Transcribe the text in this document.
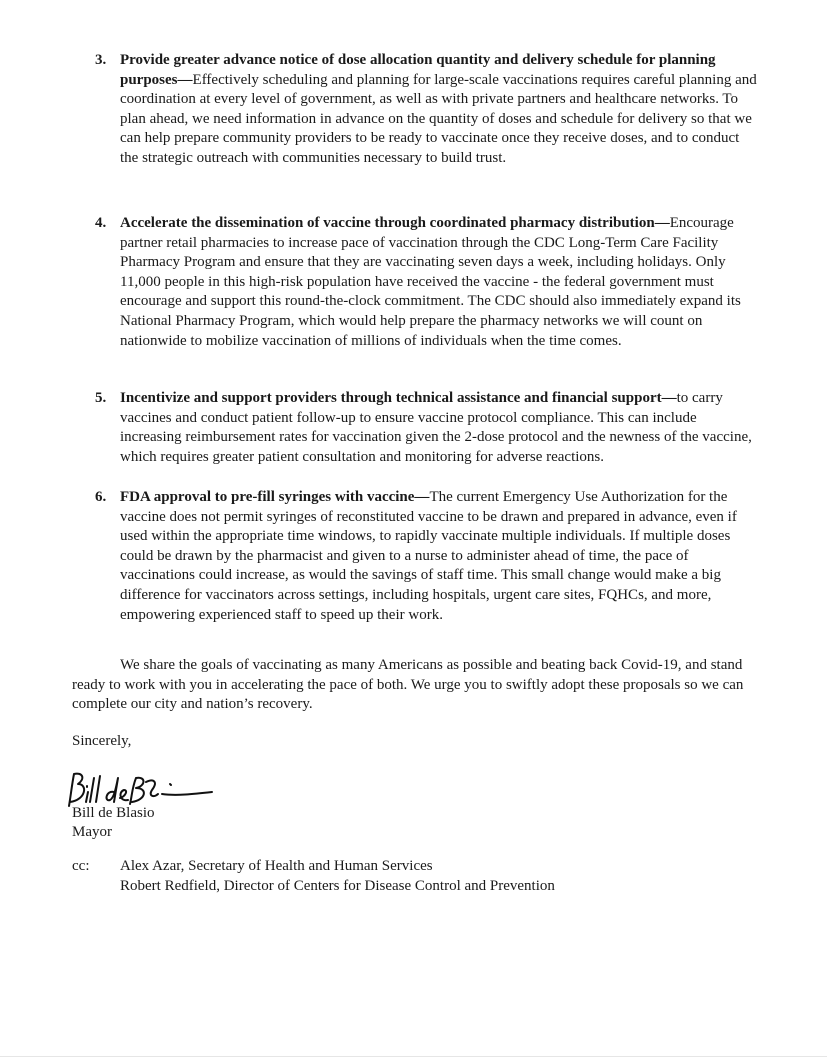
3. Provide greater advance notice of dose allocation quantity and delivery schedule for planning purposes—Effectively scheduling and planning for large-scale vaccinations requires careful planning and coordination at every level of government, as well as with private partners and healthcare networks. To plan ahead, we need information in advance on the quantity of doses and schedule for delivery so that we can help prepare community providers to be ready to vaccinate once they receive doses, and to conduct the strategic outreach with communities necessary to build trust.
4. Accelerate the dissemination of vaccine through coordinated pharmacy distribution—Encourage partner retail pharmacies to increase pace of vaccination through the CDC Long-Term Care Facility Pharmacy Program and ensure that they are vaccinating seven days a week, including holidays. Only 11,000 people in this high-risk population have received the vaccine - the federal government must encourage and support this round-the-clock commitment. The CDC should also immediately expand its National Pharmacy Program, which would help prepare the pharmacy networks we will count on nationwide to mobilize vaccination of millions of individuals when the time comes.
5. Incentivize and support providers through technical assistance and financial support—to carry vaccines and conduct patient follow-up to ensure vaccine protocol compliance. This can include increasing reimbursement rates for vaccination given the 2-dose protocol and the newness of the vaccine, which requires greater patient consultation and monitoring for adverse reactions.
6. FDA approval to pre-fill syringes with vaccine—The current Emergency Use Authorization for the vaccine does not permit syringes of reconstituted vaccine to be drawn and prepared in advance, even if used within the appropriate time windows, to rapidly vaccinate multiple individuals. If multiple doses could be drawn by the pharmacist and given to a nurse to administer ahead of time, the pace of vaccinations could increase, as would the savings of staff time. This small change would make a big difference for vaccinators across settings, including hospitals, urgent care sites, FQHCs, and more, empowering experienced staff to speed up their work.
We share the goals of vaccinating as many Americans as possible and beating back Covid-19, and stand ready to work with you in accelerating the pace of both. We urge you to swiftly adopt these proposals so we can complete our city and nation’s recovery.
Sincerely,
Bill de Blasio
Mayor
cc: Alex Azar, Secretary of Health and Human Services
Robert Redfield, Director of Centers for Disease Control and Prevention
